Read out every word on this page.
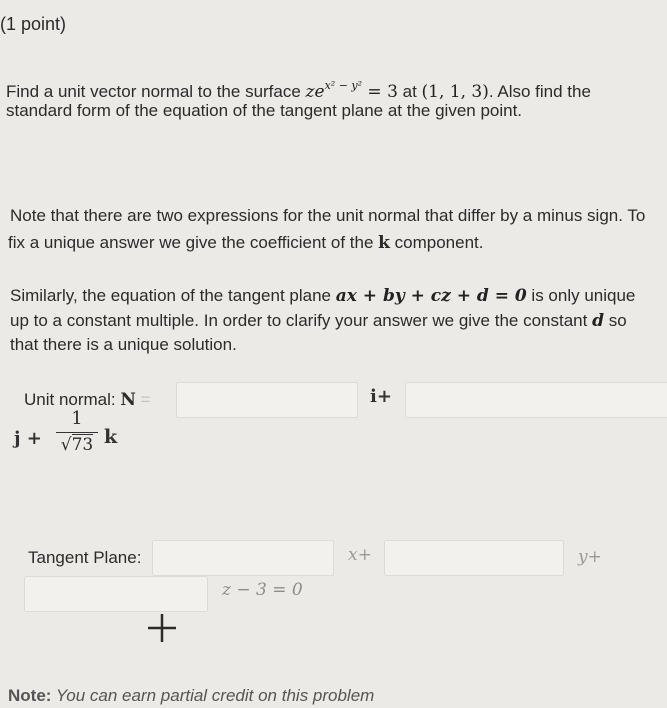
(1 point)
Find a unit vector normal to the surface $ze^{x^2 - y^2} = 3$ at (1, 1, 3). Also find the
standard form of the equation of the tangent plane at the given point.
Note that there are two expressions for the unit normal that differ by a minus sign. To
fix a unique answer we give the coefficient of the k component.
Similarly, the equation of the tangent plane ax + by + cz + d = 0 is only unique
up to a constant multiple. In order to clarify your answer we give the constant d so
that there is a unique solution.
Unit normal: N =	i+
j +
1
√73 k
Tangent Plane:	x+	y+
z − 3 = 0
Note: You can earn partial credit on this problem
